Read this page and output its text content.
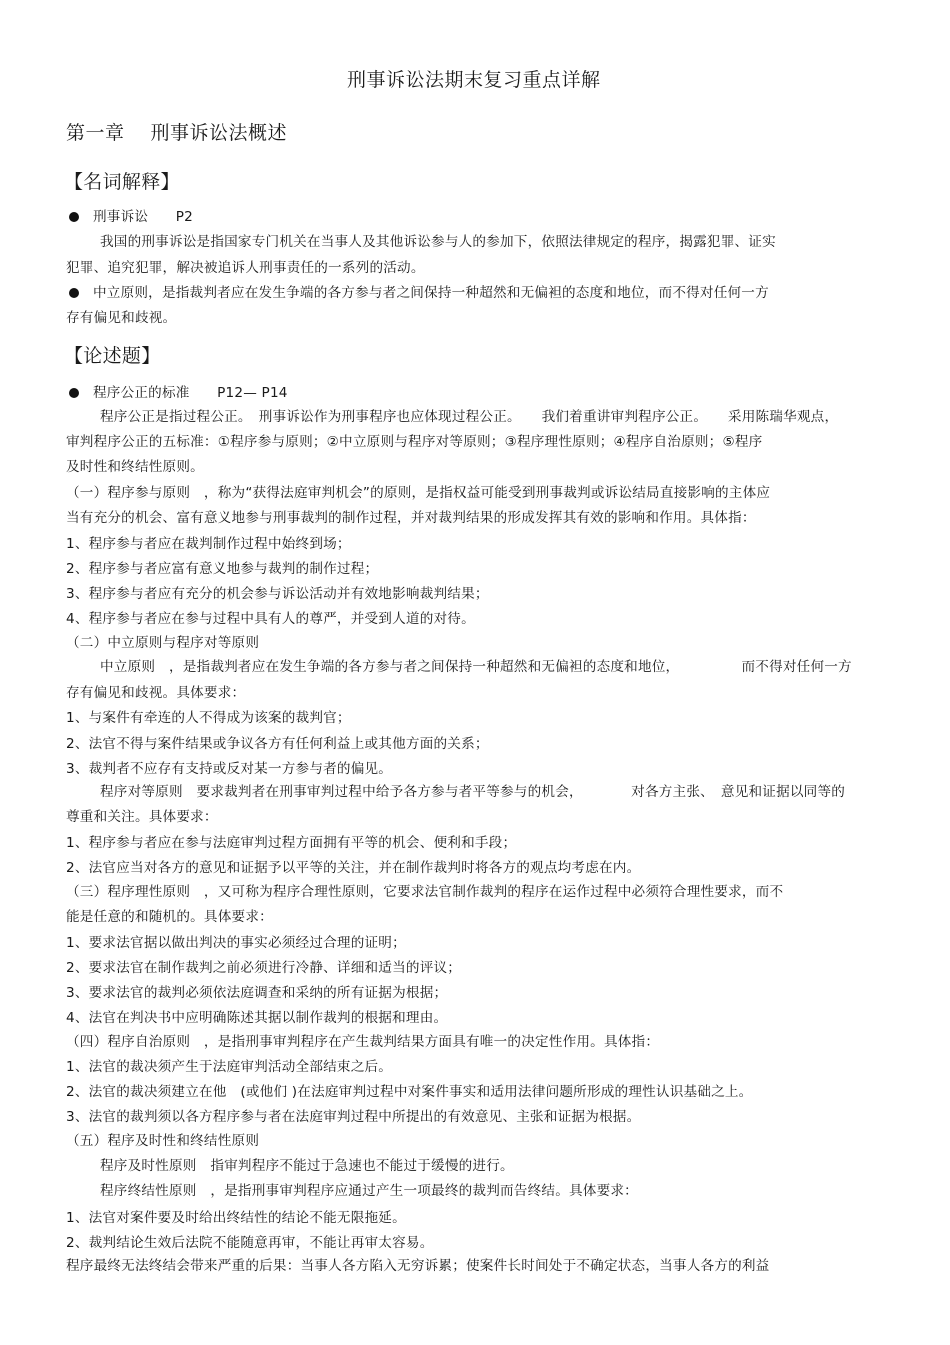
刑事诉讼法期末复习重点详解
第一章　 刑事诉讼法概述
【名词解释】
刑事诉讼　　P2
我国的刑事诉讼是指国家专门机关在当事人及其他诉讼参与人的参加下，依照法律规定的程序，揭露犯罪、证实
犯罪、追究犯罪，解决被追诉人刑事责任的一系列的活动。
中立原则，是指裁判者应在发生争端的各方参与者之间保持一种超然和无偏袒的态度和地位，而不得对任何一方
存有偏见和歧视。
【论述题】
程序公正的标准　　P12— P14
程序公正是指过程公正。　刑事诉讼作为刑事程序也应体现过程公正。　　我们着重讲审判程序公正。　　采用陈瑞华观点，
审判程序公正的五标准：①程序参与原则；②中立原则与程序对等原则；③程序理性原则；④程序自治原则；⑤程序
及时性和终结性原则。
（一）程序参与原则　，称为“获得法庭审判机会”的原则，是指权益可能受到刑事裁判或诉讼结局直接影响的主体应
当有充分的机会、富有意义地参与刑事裁判的制作过程，并对裁判结果的形成发挥其有效的影响和作用。具体指：
1、程序参与者应在裁判制作过程中始终到场；
2、程序参与者应富有意义地参与裁判的制作过程；
3、程序参与者应有充分的机会参与诉讼活动并有效地影响裁判结果；
4、程序参与者应在参与过程中具有人的尊严，并受到人道的对待。
（二）中立原则与程序对等原则
中立原则　，是指裁判者应在发生争端的各方参与者之间保持一种超然和无偏袒的态度和地位，　　　　　而不得对任何一方
存有偏见和歧视。具体要求：
1、与案件有牵连的人不得成为该案的裁判官；
2、法官不得与案件结果或争议各方有任何利益上或其他方面的关系；
3、裁判者不应存有支持或反对某一方参与者的偏见。
程序对等原则　要求裁判者在刑事审判过程中给予各方参与者平等参与的机会，　　　　对各方主张、　意见和证据以同等的
尊重和关注。具体要求：
1、程序参与者应在参与法庭审判过程方面拥有平等的机会、便利和手段；
2、法官应当对各方的意见和证据予以平等的关注，并在制作裁判时将各方的观点均考虑在内。
（三）程序理性原则　，又可称为程序合理性原则，它要求法官制作裁判的程序在运作过程中必须符合理性要求，而不
能是任意的和随机的。具体要求：
1、要求法官据以做出判决的事实必须经过合理的证明；
2、要求法官在制作裁判之前必须进行冷静、详细和适当的评议；
3、要求法官的裁判必须依法庭调查和采纳的所有证据为根据；
4、法官在判决书中应明确陈述其据以制作裁判的根据和理由。
（四）程序自治原则　，是指刑事审判程序在产生裁判结果方面具有唯一的决定性作用。具体指：
1、法官的裁决须产生于法庭审判活动全部结束之后。
2、法官的裁决须建立在他　(或他们 )在法庭审判过程中对案件事实和适用法律问题所形成的理性认识基础之上。
3、法官的裁判须以各方程序参与者在法庭审判过程中所提出的有效意见、主张和证据为根据。
（五）程序及时性和终结性原则
程序及时性原则　指审判程序不能过于急速也不能过于缓慢的进行。
程序终结性原则　，是指刑事审判程序应通过产生一项最终的裁判而告终结。具体要求：
1、法官对案件要及时给出终结性的结论不能无限拖延。
2、裁判结论生效后法院不能随意再审，不能让再审太容易。
程序最终无法终结会带来严重的后果：当事人各方陷入无穷诉累；使案件长时间处于不确定状态，当事人各方的利益
